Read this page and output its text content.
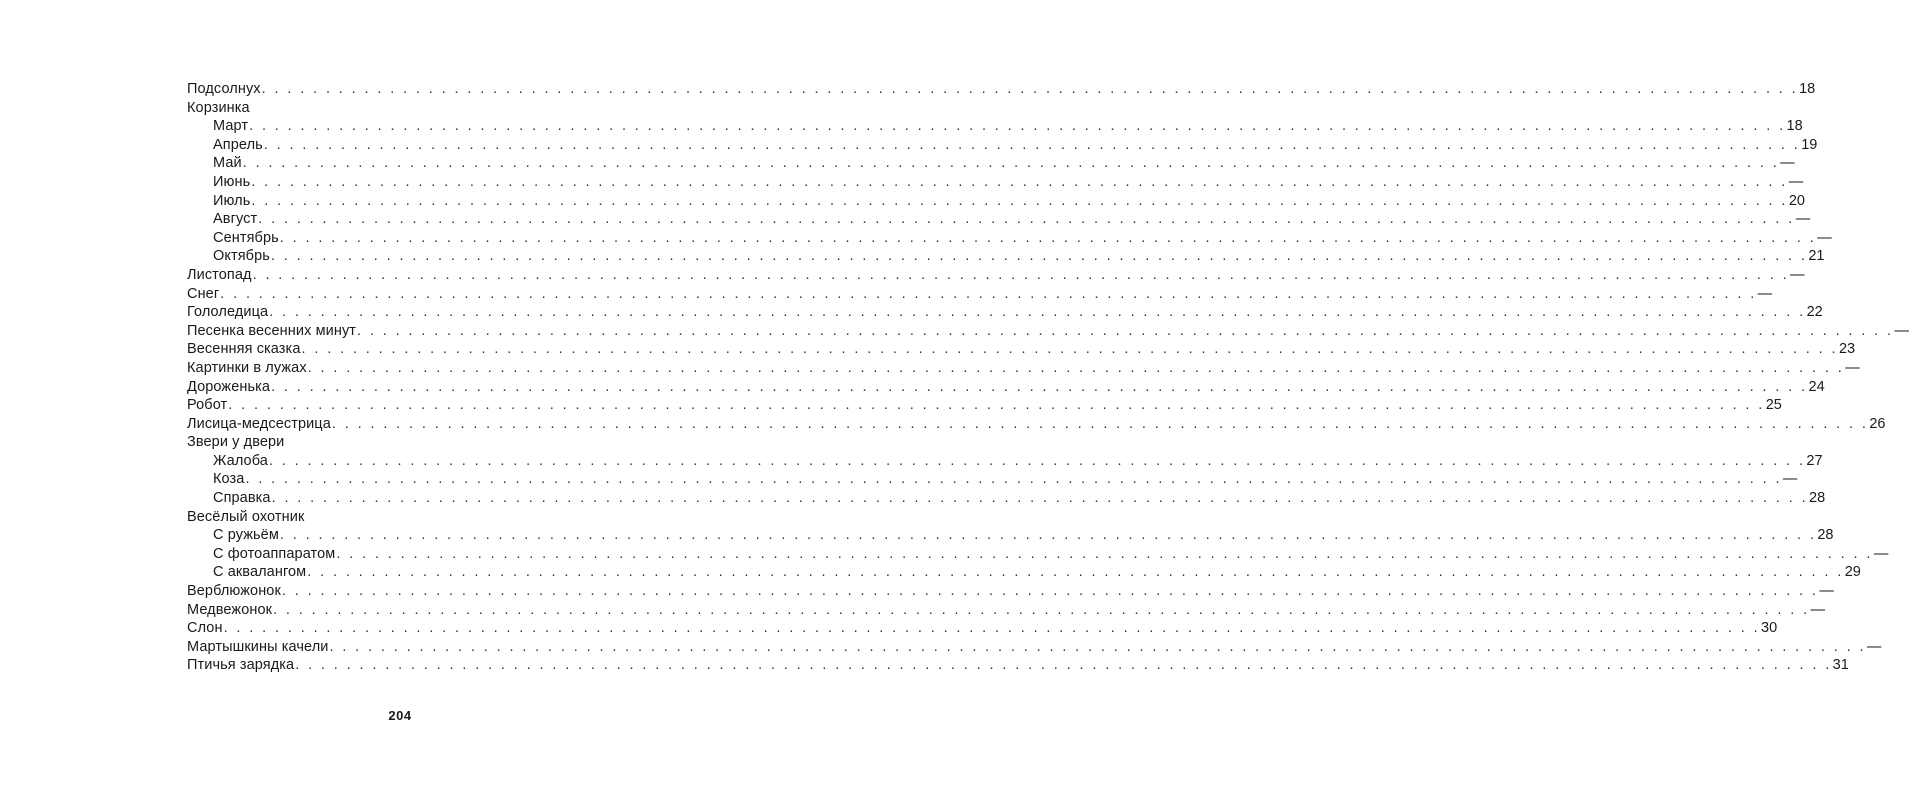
Подсолнух . . . . . . . . . . . . . . . . . . . . . . . . . . . . . . . . . . . . . . . . . . . . . . . . . . . . . . . . . . . . . . . . . . . . . . . . . . . . . . . . . . . . . . . . . . . . . . . . . . . . . . . . . . . . . . . . . . . . . . . . 18
Корзинка
Март . . . . . . . . . . . . . . . . . . . . . . . . . . . . . . . . . . . . . . . . . . . . . . . . . . . . . . . . . . . . . . . . . . . . . . . . . . . . . . . . . . . . . . . . . . . . . . . . . . . . . . . . . . . . . . . . . . . . . . . . 18
Апрель . . . . . . . . . . . . . . . . . . . . . . . . . . . . . . . . . . . . . . . . . . . . . . . . . . . . . . . . . . . . . . . . . . . . . . . . . . . . . . . . . . . . . . . . . . . . . . . . . . . . . . . . . . . . . . . . . . . . . . . . 19
Май . . . . . . . . . . . . . . . . . . . . . . . . . . . . . . . . . . . . . . . . . . . . . . . . . . . . . . . . . . . . . . . . . . . . . . . . . . . . . . . . . . . . . . . . . . . . . . . . . . . . . . . . . . . . . . . . . . . . . . . . —
Июнь . . . . . . . . . . . . . . . . . . . . . . . . . . . . . . . . . . . . . . . . . . . . . . . . . . . . . . . . . . . . . . . . . . . . . . . . . . . . . . . . . . . . . . . . . . . . . . . . . . . . . . . . . . . . . . . . . . . . . . . . —
Июль . . . . . . . . . . . . . . . . . . . . . . . . . . . . . . . . . . . . . . . . . . . . . . . . . . . . . . . . . . . . . . . . . . . . . . . . . . . . . . . . . . . . . . . . . . . . . . . . . . . . . . . . . . . . . . . . . . . . . . . . 20
Август . . . . . . . . . . . . . . . . . . . . . . . . . . . . . . . . . . . . . . . . . . . . . . . . . . . . . . . . . . . . . . . . . . . . . . . . . . . . . . . . . . . . . . . . . . . . . . . . . . . . . . . . . . . . . . . . . . . . . . . . —
Сентябрь . . . . . . . . . . . . . . . . . . . . . . . . . . . . . . . . . . . . . . . . . . . . . . . . . . . . . . . . . . . . . . . . . . . . . . . . . . . . . . . . . . . . . . . . . . . . . . . . . . . . . . . . . . . . . . . . . . . . . . . . —
Октябрь . . . . . . . . . . . . . . . . . . . . . . . . . . . . . . . . . . . . . . . . . . . . . . . . . . . . . . . . . . . . . . . . . . . . . . . . . . . . . . . . . . . . . . . . . . . . . . . . . . . . . . . . . . . . . . . . . . . . . . . . 21
Листопад . . . . . . . . . . . . . . . . . . . . . . . . . . . . . . . . . . . . . . . . . . . . . . . . . . . . . . . . . . . . . . . . . . . . . . . . . . . . . . . . . . . . . . . . . . . . . . . . . . . . . . . . . . . . . . . . . . . . . . . . —
Снег . . . . . . . . . . . . . . . . . . . . . . . . . . . . . . . . . . . . . . . . . . . . . . . . . . . . . . . . . . . . . . . . . . . . . . . . . . . . . . . . . . . . . . . . . . . . . . . . . . . . . . . . . . . . . . . . . . . . . . . . —
Гололедица . . . . . . . . . . . . . . . . . . . . . . . . . . . . . . . . . . . . . . . . . . . . . . . . . . . . . . . . . . . . . . . . . . . . . . . . . . . . . . . . . . . . . . . . . . . . . . . . . . . . . . . . . . . . . . . . . . . . . . . . 22
Песенка весенних минут . . . . . . . . . . . . . . . . . . . . . . . . . . . . . . . . . . . . . . . . . . . . . . . . . . . . . . . . . . . . . . . . . . . . . . . . . . . . . . . . . . . . . . . . . . . . . . . . . . . . . . . . . . . . . . . . . . . . . . . . —
Весенняя сказка . . . . . . . . . . . . . . . . . . . . . . . . . . . . . . . . . . . . . . . . . . . . . . . . . . . . . . . . . . . . . . . . . . . . . . . . . . . . . . . . . . . . . . . . . . . . . . . . . . . . . . . . . . . . . . . . . . . . . . . . 23
Картинки в лужах . . . . . . . . . . . . . . . . . . . . . . . . . . . . . . . . . . . . . . . . . . . . . . . . . . . . . . . . . . . . . . . . . . . . . . . . . . . . . . . . . . . . . . . . . . . . . . . . . . . . . . . . . . . . . . . . . . . . . . . . —
Дороженька . . . . . . . . . . . . . . . . . . . . . . . . . . . . . . . . . . . . . . . . . . . . . . . . . . . . . . . . . . . . . . . . . . . . . . . . . . . . . . . . . . . . . . . . . . . . . . . . . . . . . . . . . . . . . . . . . . . . . . . . 24
Робот . . . . . . . . . . . . . . . . . . . . . . . . . . . . . . . . . . . . . . . . . . . . . . . . . . . . . . . . . . . . . . . . . . . . . . . . . . . . . . . . . . . . . . . . . . . . . . . . . . . . . . . . . . . . . . . . . . . . . . . . 25
Лисица-медсестрица . . . . . . . . . . . . . . . . . . . . . . . . . . . . . . . . . . . . . . . . . . . . . . . . . . . . . . . . . . . . . . . . . . . . . . . . . . . . . . . . . . . . . . . . . . . . . . . . . . . . . . . . . . . . . . . . . . . . . . . . 26
Звери у двери
Жалоба . . . . . . . . . . . . . . . . . . . . . . . . . . . . . . . . . . . . . . . . . . . . . . . . . . . . . . . . . . . . . . . . . . . . . . . . . . . . . . . . . . . . . . . . . . . . . . . . . . . . . . . . . . . . . . . . . . . . . . . . 27
Коза . . . . . . . . . . . . . . . . . . . . . . . . . . . . . . . . . . . . . . . . . . . . . . . . . . . . . . . . . . . . . . . . . . . . . . . . . . . . . . . . . . . . . . . . . . . . . . . . . . . . . . . . . . . . . . . . . . . . . . . . —
Справка . . . . . . . . . . . . . . . . . . . . . . . . . . . . . . . . . . . . . . . . . . . . . . . . . . . . . . . . . . . . . . . . . . . . . . . . . . . . . . . . . . . . . . . . . . . . . . . . . . . . . . . . . . . . . . . . . . . . . . . . 28
Весёлый охотник
С ружьём . . . . . . . . . . . . . . . . . . . . . . . . . . . . . . . . . . . . . . . . . . . . . . . . . . . . . . . . . . . . . . . . . . . . . . . . . . . . . . . . . . . . . . . . . . . . . . . . . . . . . . . . . . . . . . . . . . . . . . . . 28
С фотоаппаратом . . . . . . . . . . . . . . . . . . . . . . . . . . . . . . . . . . . . . . . . . . . . . . . . . . . . . . . . . . . . . . . . . . . . . . . . . . . . . . . . . . . . . . . . . . . . . . . . . . . . . . . . . . . . . . . . . . . . . . . . —
С аквалангом . . . . . . . . . . . . . . . . . . . . . . . . . . . . . . . . . . . . . . . . . . . . . . . . . . . . . . . . . . . . . . . . . . . . . . . . . . . . . . . . . . . . . . . . . . . . . . . . . . . . . . . . . . . . . . . . . . . . . . . . 29
Верблюжонок . . . . . . . . . . . . . . . . . . . . . . . . . . . . . . . . . . . . . . . . . . . . . . . . . . . . . . . . . . . . . . . . . . . . . . . . . . . . . . . . . . . . . . . . . . . . . . . . . . . . . . . . . . . . . . . . . . . . . . . . —
Медвежонок . . . . . . . . . . . . . . . . . . . . . . . . . . . . . . . . . . . . . . . . . . . . . . . . . . . . . . . . . . . . . . . . . . . . . . . . . . . . . . . . . . . . . . . . . . . . . . . . . . . . . . . . . . . . . . . . . . . . . . . . —
Слон . . . . . . . . . . . . . . . . . . . . . . . . . . . . . . . . . . . . . . . . . . . . . . . . . . . . . . . . . . . . . . . . . . . . . . . . . . . . . . . . . . . . . . . . . . . . . . . . . . . . . . . . . . . . . . . . . . . . . . . . 30
Мартышкины качели . . . . . . . . . . . . . . . . . . . . . . . . . . . . . . . . . . . . . . . . . . . . . . . . . . . . . . . . . . . . . . . . . . . . . . . . . . . . . . . . . . . . . . . . . . . . . . . . . . . . . . . . . . . . . . . . . . . . . . . . —
Птичья зарядка . . . . . . . . . . . . . . . . . . . . . . . . . . . . . . . . . . . . . . . . . . . . . . . . . . . . . . . . . . . . . . . . . . . . . . . . . . . . . . . . . . . . . . . . . . . . . . . . . . . . . . . . . . . . . . . . . . . . . . . . 31
204
